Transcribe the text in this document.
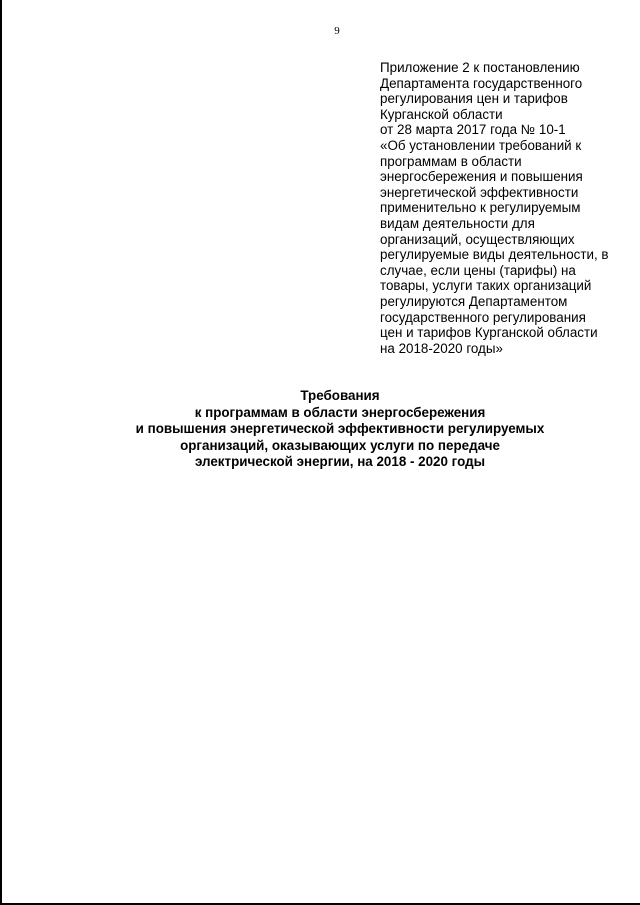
9
Приложение 2 к постановлению
Департамента государственного
регулирования цен и тарифов
Курганской области
от 28 марта 2017 года № 10-1
«Об установлении требований к
программам в области
энергосбережения и повышения
энергетической эффективности
применительно к регулируемым
видам деятельности для
организаций, осуществляющих
регулируемые виды деятельности, в
случае, если цены (тарифы) на
товары, услуги таких организаций
регулируются Департаментом
государственного регулирования
цен и тарифов Курганской области
на 2018-2020 годы»
Требования
к программам в области энергосбережения
и повышения энергетической эффективности регулируемых
организаций, оказывающих услуги по передаче
электрической энергии, на 2018 - 2020 годы
